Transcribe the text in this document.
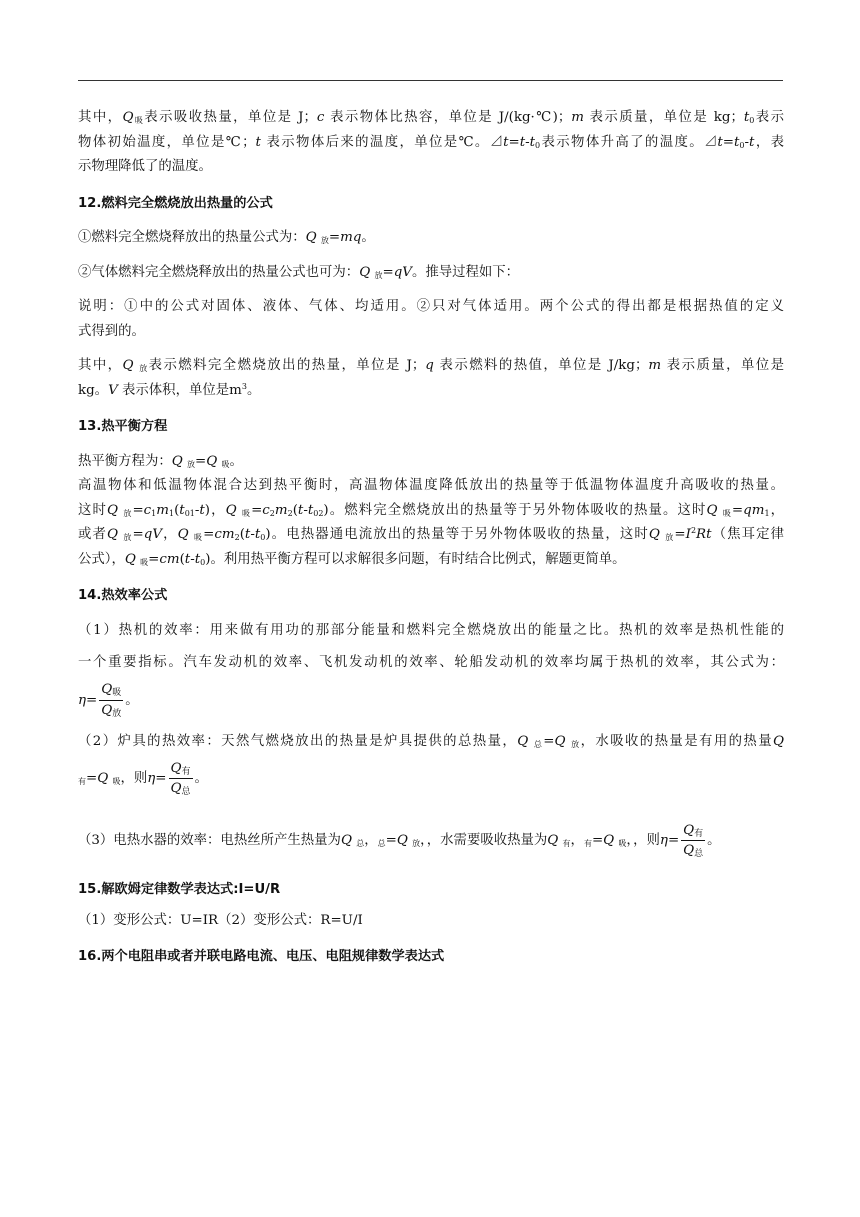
其中，$Q_吸$表示吸收热量，单位是 J；c 表示物体比热容，单位是 J/(kg·℃)；m 表示质量，单位是 kg；$t_0$表示
物体初始温度，单位是℃；t 表示物体后来的温度，单位是℃。$⊿t=t-t_0$表示物体升高了的温度。$⊿t=t_0-t$，表
示物理降低了的温度。
12.燃料完全燃烧放出热量的公式
①燃料完全燃烧释放出的热量公式为：Q $_放$=mq。
②气体燃料完全燃烧释放出的热量公式也可为：Q $_放$=qV。推导过程如下：
说明：①中的公式对固体、液体、气体、均适用。②只对气体适用。两个公式的得出都是根据热值的定义
式得到的。
其中，Q $_放$表示燃料完全燃烧放出的热量，单位是 J；q 表示燃料的热值，单位是 J/kg；m 表示质量，单位是
kg。V 表示体积，单位是$m^3$。
13.热平衡方程
热平衡方程为：Q $_放$=Q $_吸$。
高温物体和低温物体混合达到热平衡时，高温物体温度降低放出的热量等于低温物体温度升高吸收的热量。
这时Q $_放=c_1m_1(t_{01}-t)$，Q $_吸=c_2m_2(t-t_{02})$。燃料完全燃烧放出的热量等于另外物体吸收的热量。这时Q $_吸=qm_1$，
或者Q $_放$=qV，Q $_吸=cm_2(t-t_0)$。电热器通电流放出的热量等于另外物体吸收的热量，这时Q $_放=I^2Rt$（焦耳定律
公式），Q $_吸=cm(t-t_0)$。利用热平衡方程可以求解很多问题，有时结合比例式，解题更简单。
14.热效率公式
（1）热机的效率：用来做有用功的那部分能量和燃料完全燃烧放出的能量之比。热机的效率是热机性能的
一个重要指标。汽车发动机的效率、飞机发动机的效率、轮船发动机的效率均属于热机的效率，其公式为：
$\eta= \frac{Q_吸}{Q_放}$ 。
（2）炉具的热效率：天然气燃烧放出的热量是炉具提供的总热量，Q $_总$=Q $_放$，水吸收的热量是有用的热量Q
$_有$=Q $_吸$，则$\eta= \frac{Q_有}{Q_总}$ 。
（3）电热水器的效率：电热丝所产生热量为Q $_总$，$_总$=Q $_放$，，水需要吸收热量为Q $_有$，$_有$=Q $_吸$，，则$\eta= \frac{Q_有}{Q_总}$ 。
15.解欧姆定律数学表达式:I=U/R
（1）变形公式：U=IR（2）变形公式：R=U/I
16.两个电阻串或者并联电路电流、电压、电阻规律数学表达式
